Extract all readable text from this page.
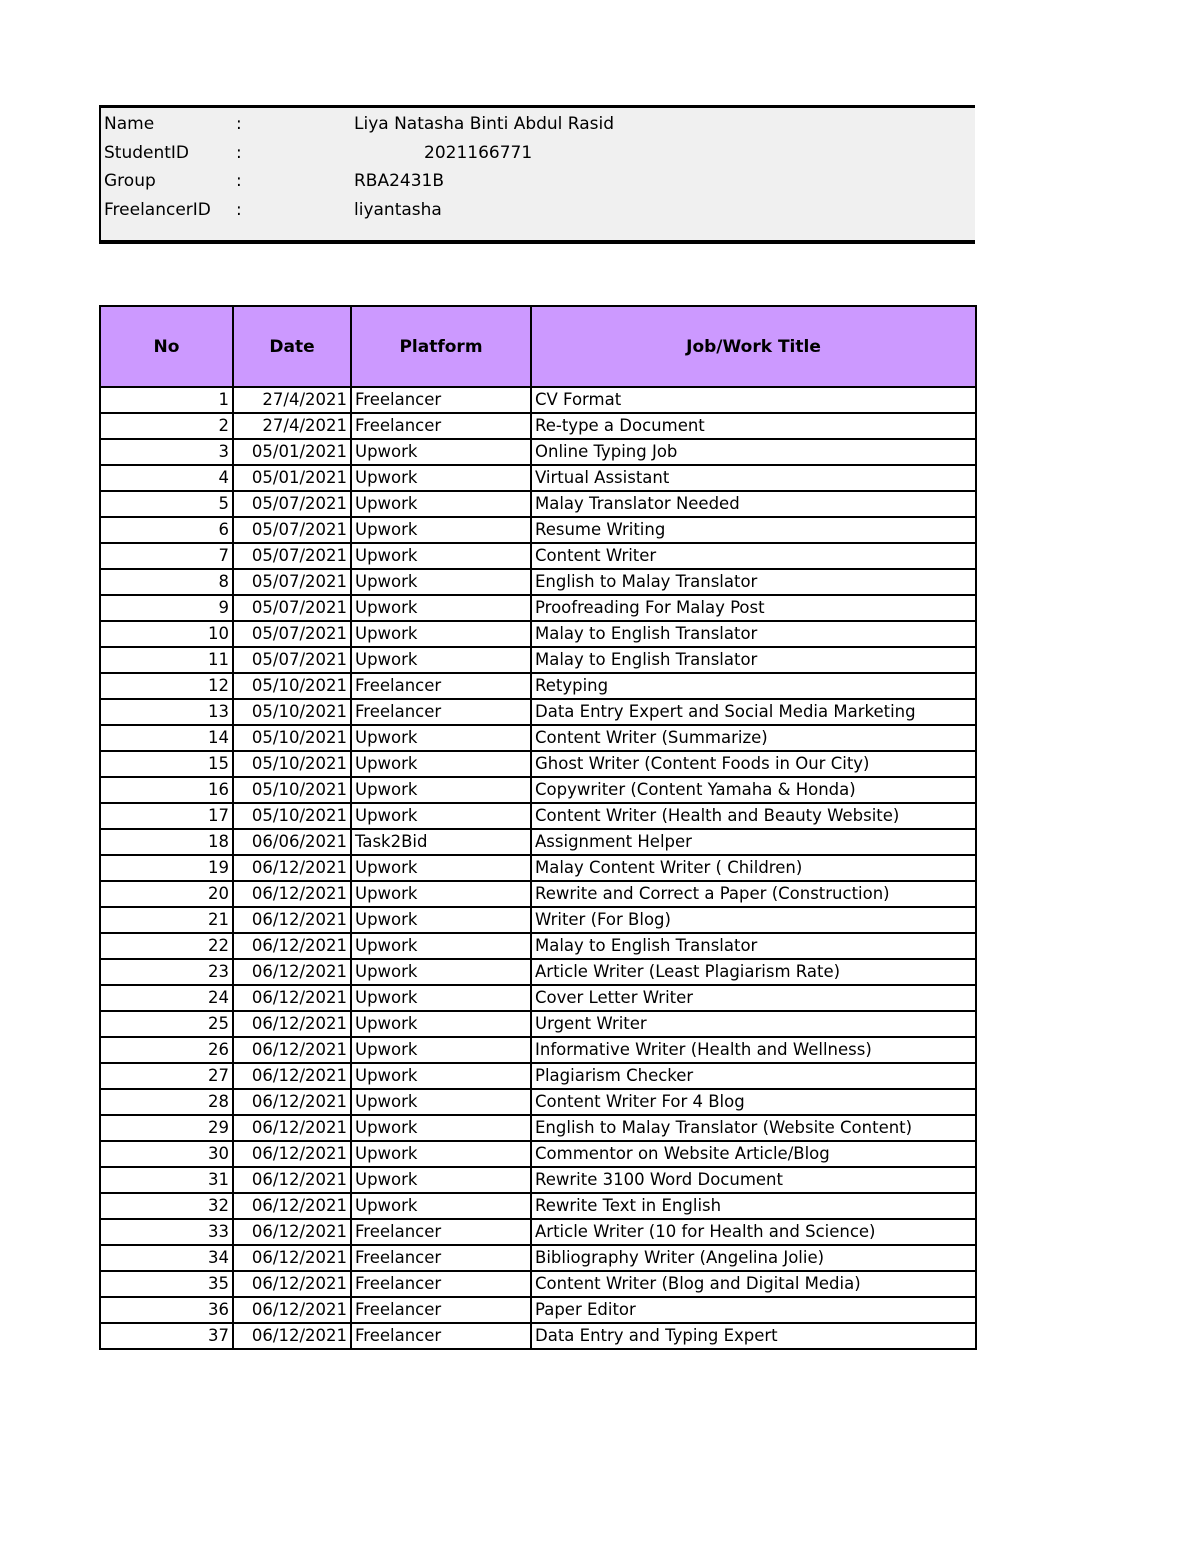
Name	:	Liya Natasha Binti Abdul Rasid
StudentID	:	2021166771
Group	:	RBA2431B
FreelancerID :	liyantasha
No	Date	Platform	Job/Work Title
1	27/4/2021	Freelancer	CV Format
2	27/4/2021	Freelancer	Re-type a Document
3	05/01/2021	Upwork	Online Typing Job
4	05/01/2021	Upwork	Virtual Assistant
5	05/07/2021	Upwork	Malay Translator Needed
6	05/07/2021	Upwork	Resume Writing
7	05/07/2021	Upwork	Content Writer
8	05/07/2021	Upwork	English to Malay Translator
9	05/07/2021	Upwork	Proofreading For Malay Post
10	05/07/2021	Upwork	Malay to English Translator
11	05/07/2021	Upwork	Malay to English Translator
12	05/10/2021	Freelancer	Retyping
13	05/10/2021	Freelancer	Data Entry Expert and Social Media Marketing
14	05/10/2021	Upwork	Content Writer (Summarize)
15	05/10/2021	Upwork	Ghost Writer (Content Foods in Our City)
16	05/10/2021	Upwork	Copywriter (Content Yamaha & Honda)
17	05/10/2021	Upwork	Content Writer (Health and Beauty Website)
18	06/06/2021	Task2Bid	Assignment Helper
19	06/12/2021	Upwork	Malay Content Writer ( Children)
20	06/12/2021	Upwork	Rewrite and Correct a Paper (Construction)
21	06/12/2021	Upwork	Writer (For Blog)
22	06/12/2021	Upwork	Malay to English Translator
23	06/12/2021	Upwork	Article Writer (Least Plagiarism Rate)
24	06/12/2021	Upwork	Cover Letter Writer
25	06/12/2021	Upwork	Urgent Writer
26	06/12/2021	Upwork	Informative Writer (Health and Wellness)
27	06/12/2021	Upwork	Plagiarism Checker
28	06/12/2021	Upwork	Content Writer For 4 Blog
29	06/12/2021	Upwork	English to Malay Translator (Website Content)
30	06/12/2021	Upwork	Commentor on Website Article/Blog
31	06/12/2021	Upwork	Rewrite 3100 Word Document
32	06/12/2021	Upwork	Rewrite Text in English
33	06/12/2021	Freelancer	Article Writer (10 for Health and Science)
34	06/12/2021	Freelancer	Bibliography Writer (Angelina Jolie)
35	06/12/2021	Freelancer	Content Writer (Blog and Digital Media)
36	06/12/2021	Freelancer	Paper Editor
37	06/12/2021	Freelancer	Data Entry and Typing Expert
